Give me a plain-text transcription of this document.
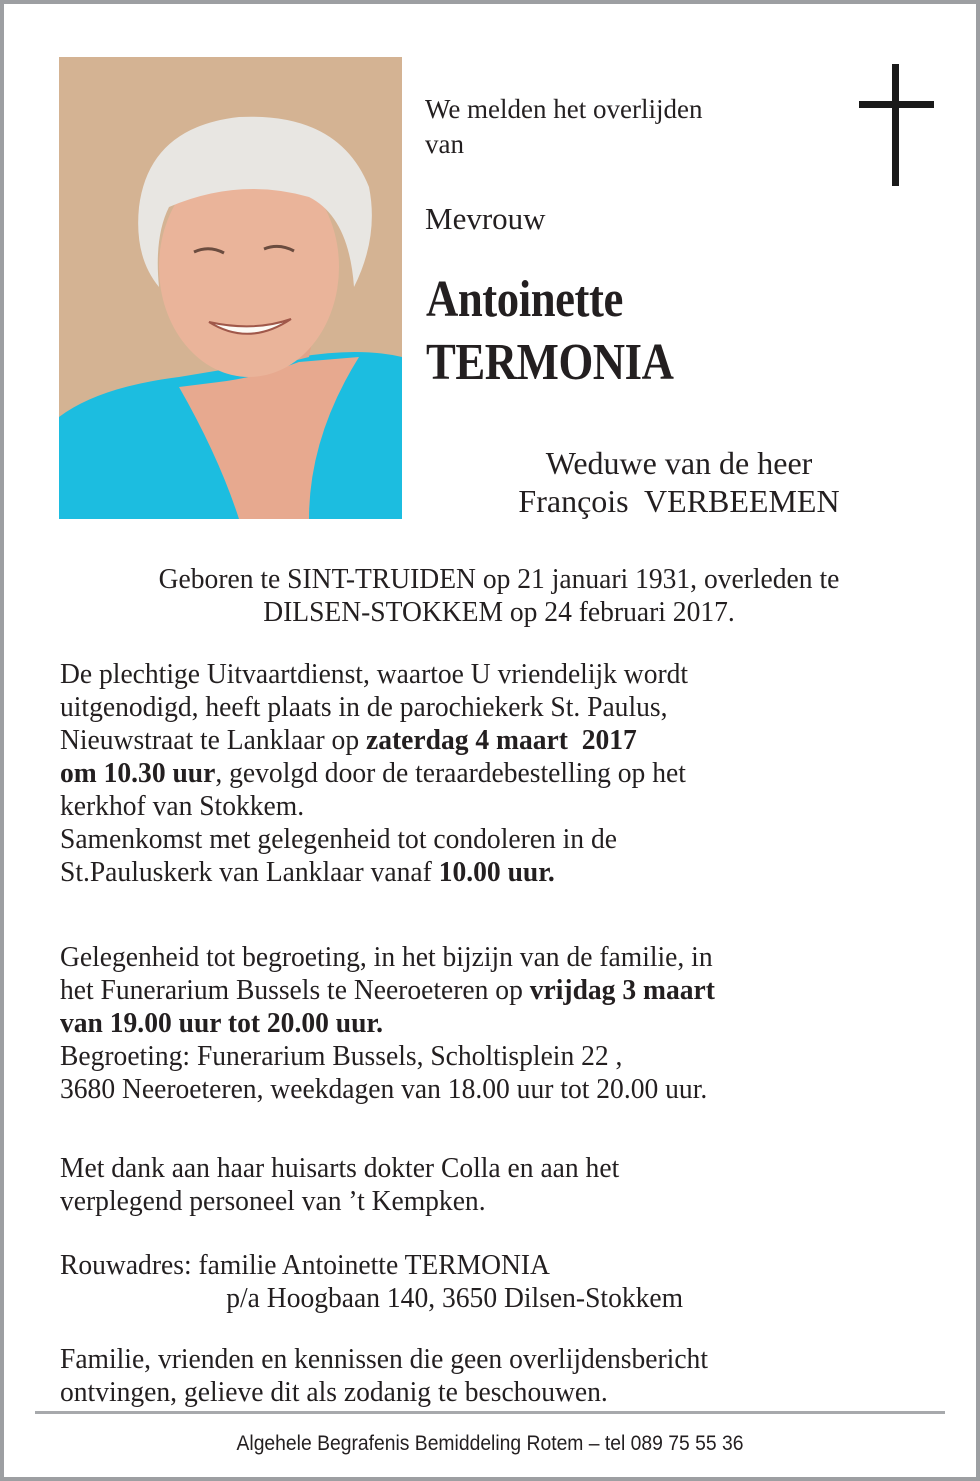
We melden het overlijden
van
Mevrouw
Antoinette
TERMONIA
Weduwe van de heer
François  VERBEEMEN
Geboren te SINT-TRUIDEN op 21 januari 1931, overleden te
DILSEN-STOKKEM op 24 februari 2017.
De plechtige Uitvaartdienst, waartoe U vriendelijk wordt
uitgenodigd, heeft plaats in de parochiekerk St. Paulus,
Nieuwstraat te Lanklaar op zaterdag 4 maart  2017
om 10.30 uur, gevolgd door de teraardebestelling op het
kerkhof van Stokkem.
Samenkomst met gelegenheid tot condoleren in de
St.Pauluskerk van Lanklaar vanaf 10.00 uur.
Gelegenheid tot begroeting, in het bijzijn van de familie, in
het Funerarium Bussels te Neeroeteren op vrijdag 3 maart
van 19.00 uur tot 20.00 uur.
Begroeting: Funerarium Bussels, Scholtisplein 22 ,
3680 Neeroeteren, weekdagen van 18.00 uur tot 20.00 uur.
Met dank aan haar huisarts dokter Colla en aan het
verplegend personeel van ’t Kempken.
Rouwadres: familie Antoinette TERMONIA
p/a Hoogbaan 140, 3650 Dilsen-Stokkem
Familie, vrienden en kennissen die geen overlijdensbericht
ontvingen, gelieve dit als zodanig te beschouwen.
Algehele Begrafenis Bemiddeling Rotem – tel 089 75 55 36
